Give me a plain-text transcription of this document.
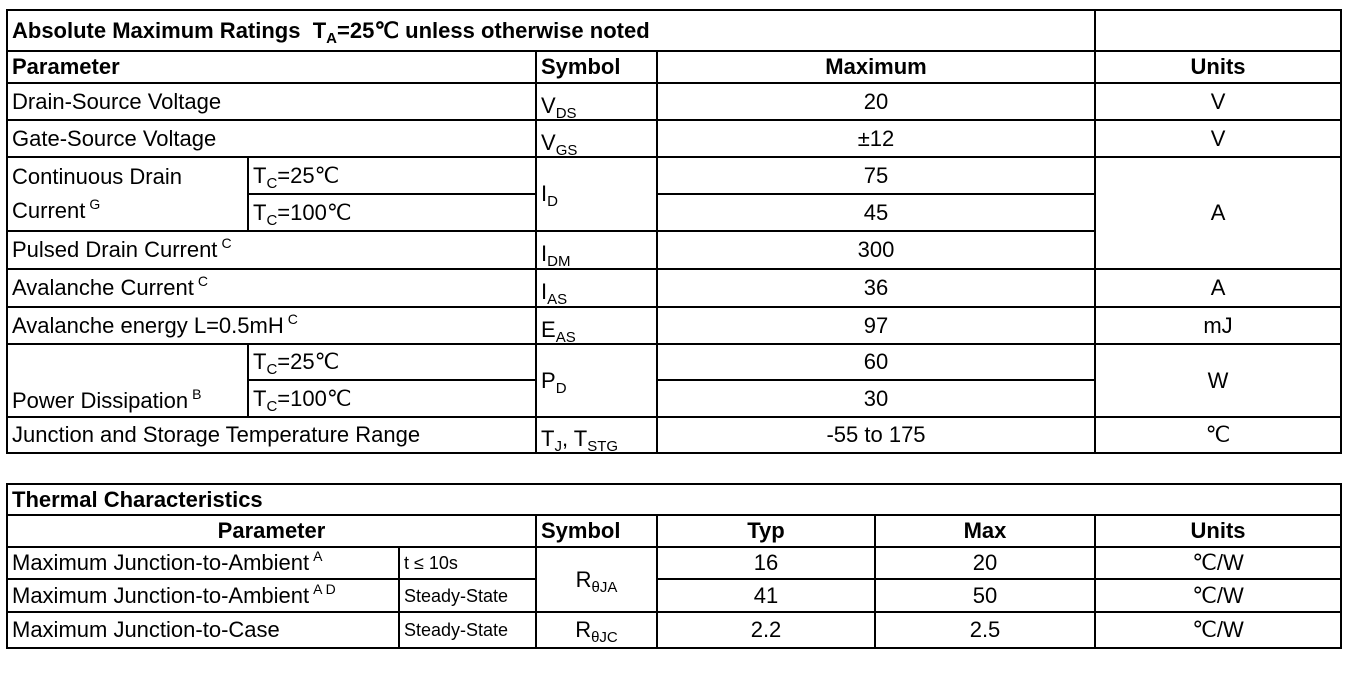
Absolute Maximum Ratings $T_A=25℃$ unless otherwise noted				
Parameter		Symbol	Maximum	Units
Drain-Source Voltage		$V_{DS}$	20	V
Gate-Source Voltage		$V_{GS}$	±12	V

Continuous Drain
Current $^G$	$T_C=25℃$	$I_D$	75	A
	$T_C=100℃$		45	
Pulsed Drain Current $^C$		$I_{DM}$	300	
Avalanche Current $^C$		$I_{AS}$	36	A
Avalanche energy L=0.5mH $^C$		$E_{AS}$	97	mJ
Power Dissipation $^B$	$T_C=25℃$	$P_D$	60	W
	$T_C=100℃$		30	
Junction and Storage Temperature Range		$T_J$, $T_{STG}$	-55 to 175	℃
Thermal Characteristics					
Parameter		Symbol	Typ	Max	Units
Maximum Junction-to-Ambient $^A$	t ≤ 10s	$R_{\theta JA}$	16	20	℃/W
Maximum Junction-to-Ambient $^{A D}$	Steady-State		41	50	℃/W
Maximum Junction-to-Case	Steady-State	$R_{\theta JC}$	2.2	2.5	℃/W
